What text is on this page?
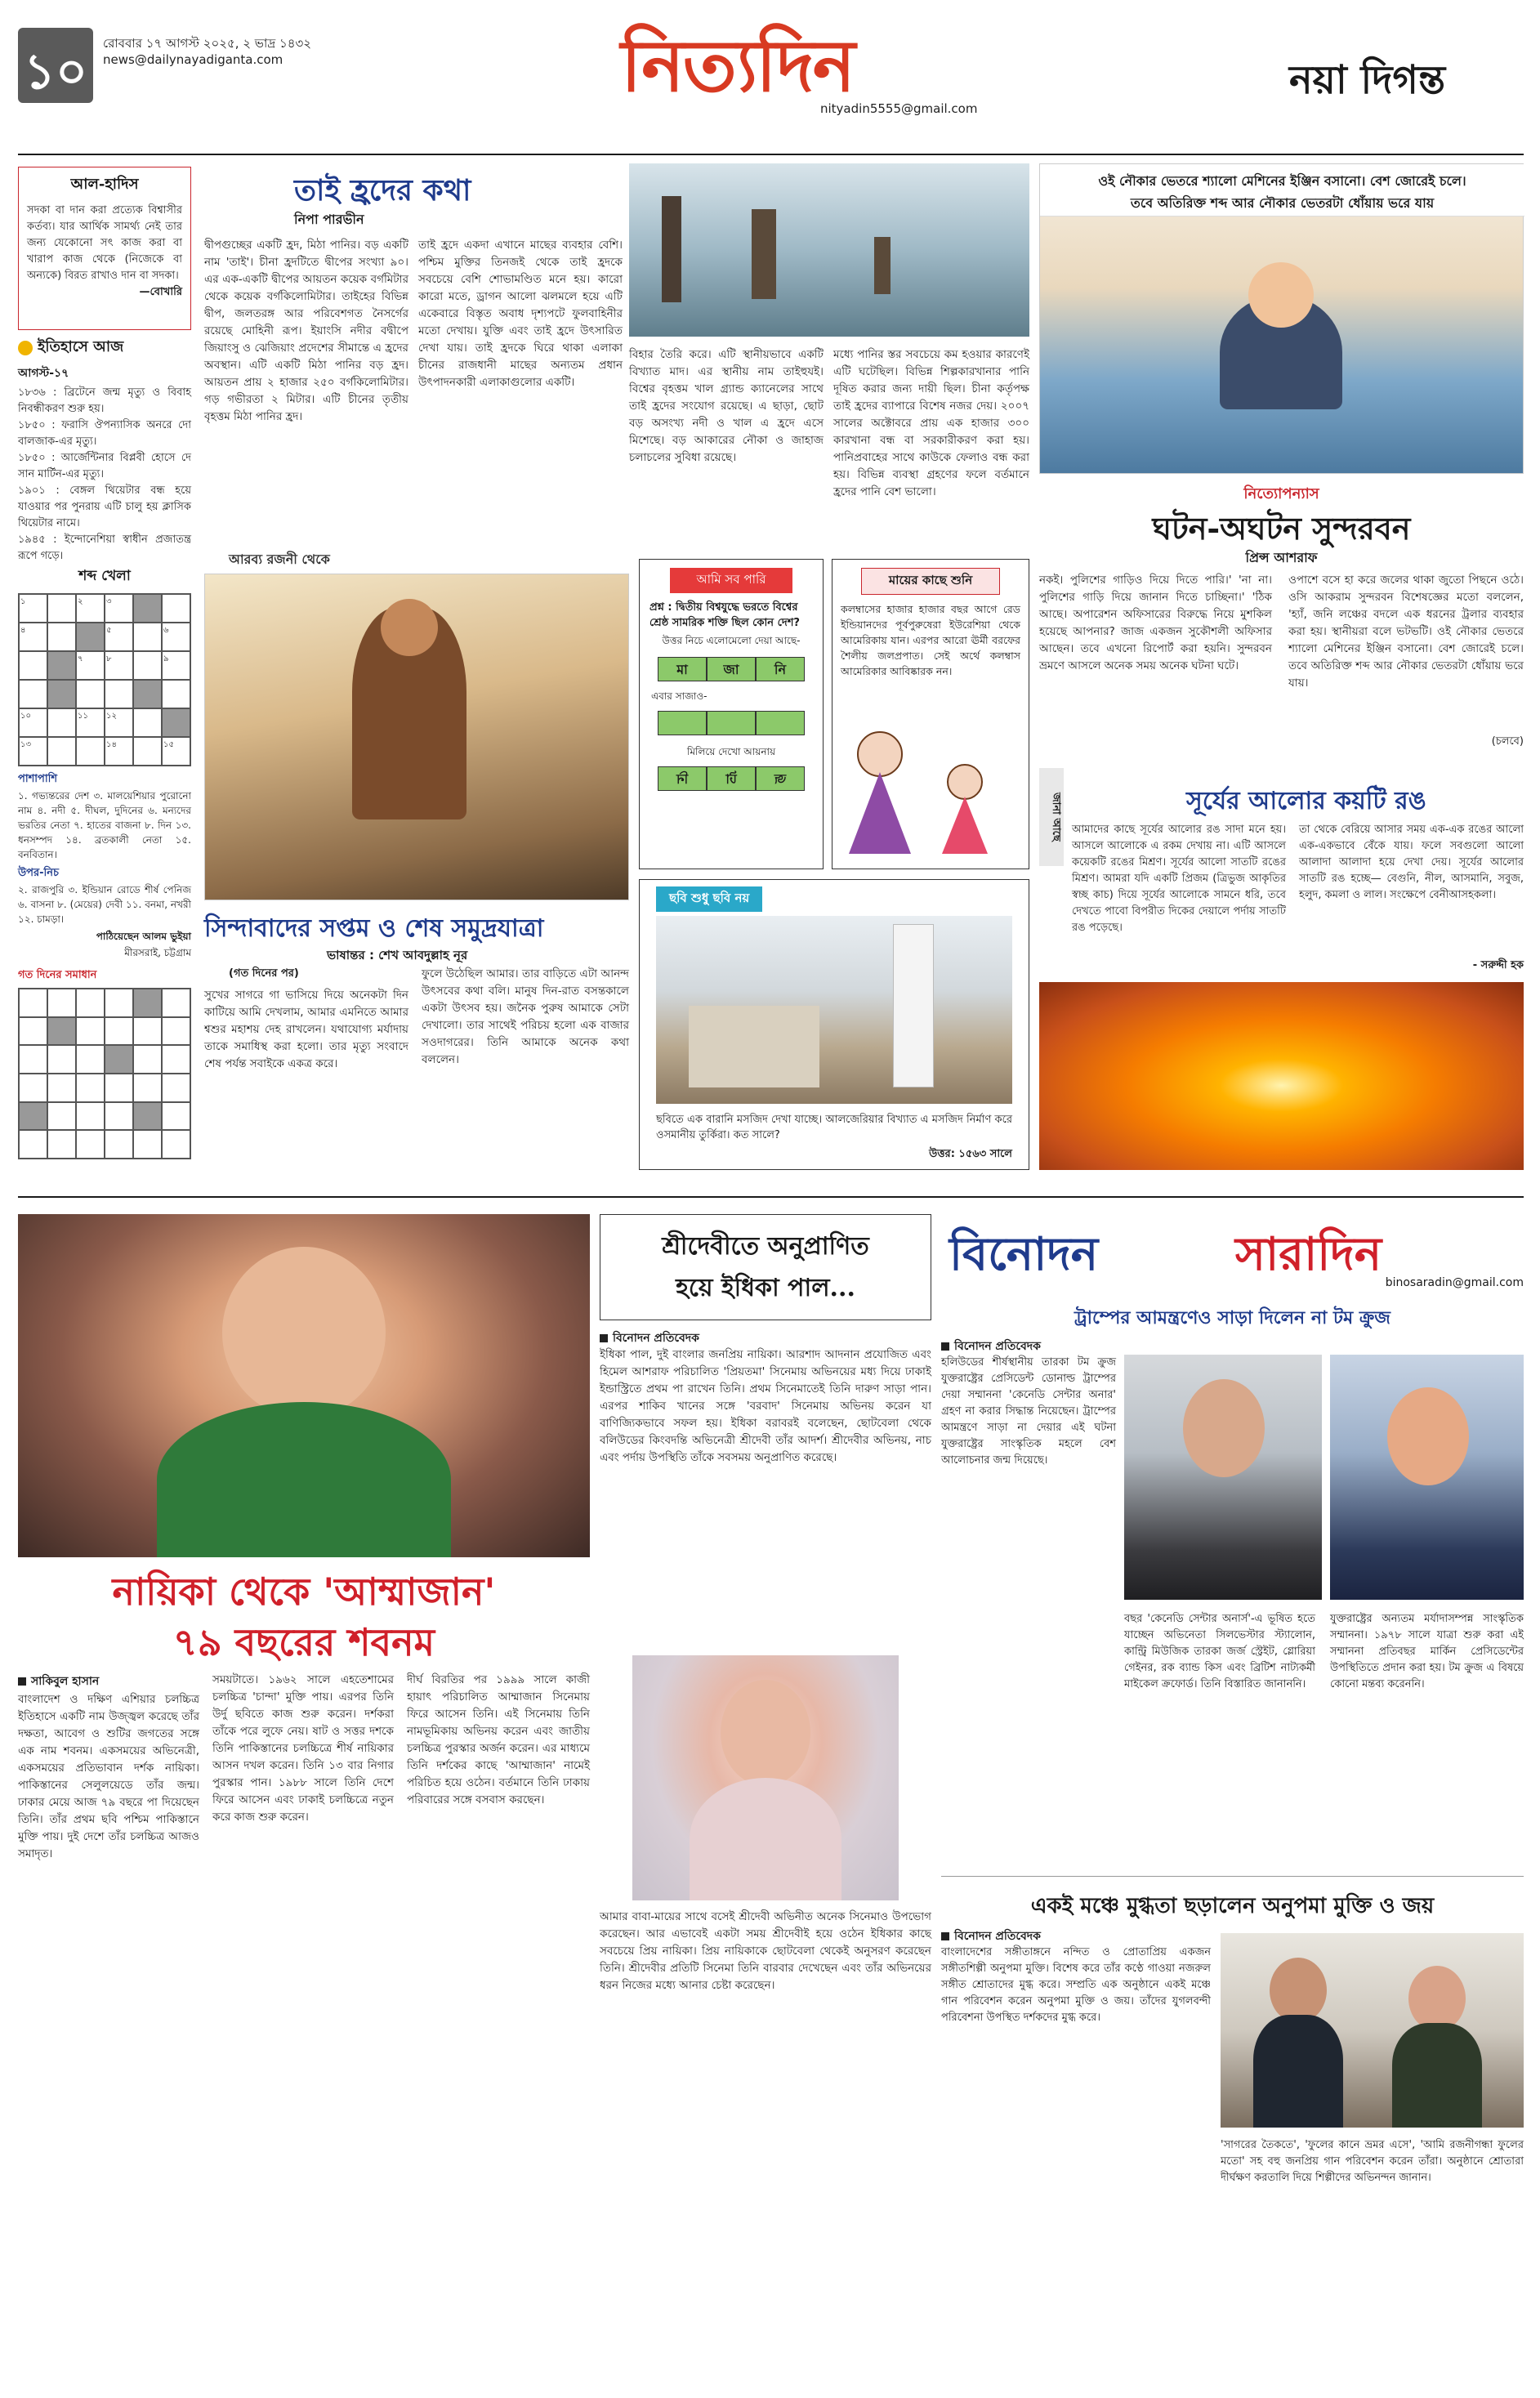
১০	রোববার ১৭ আগস্ট ২০২৫, ২ ভাদ্র ১৪৩২
news@dailynayadiganta.com	নিত্যদিন
nityadin5555@gmail.com
নয়া দিগন্ত
আল-হাদিস
সদকা বা দান করা প্রত্যেক বিশ্বাসীর কর্তব্য। যার আর্থিক সামর্থ্য নেই তার জন্য যেকোনো সৎ কাজ করা বা খারাপ কাজ থেকে (নিজেকে বা অন্যকে) বিরত রাখাও দান বা সদকা।
—বোখারি
ইতিহাসে আজ
আগস্ট-১৭
১৮৩৬ : ব্রিটেনে জন্ম মৃত্যু ও বিবাহ নিবন্ধীকরণ শুরু হয়।
১৮৫০ : ফরাসি ঔপন্যাসিক অনরে দো বালজাক-এর মৃত্যু।
১৮৫০ : আর্জেন্টিনার বিপ্লবী হোসে দে সান মার্টিন-এর মৃত্যু।
১৯০১ : বেঙ্গল থিয়েটার বন্ধ হয়ে যাওয়ার পর পুনরায় এটি চালু হয় ক্লাসিক থিয়েটার নামে।
১৯৪৫ : ইন্দোনেশিয়া স্বাধীন প্রজাতন্ত্র রূপে গড়ে।
শব্দ খেলা
১	২	৩
৪	৫	৬
৭	৮	৯
১০	১১	১২
১৩	১৪	১৫
পাশাপাশি
১. গভ্যন্তরের দেশ ৩. মালয়েশিয়ার পুরোনো নাম ৪. নদী ৫. দীঘল, দুদিনের ৬. মন্যদের ভরতির নেতা ৭. হাতের বাজনা ৮. দিন ১৩. ধনসম্পদ ১৪. ব্রতকালী নেতা ১৫. বনবিতান।
উপর-নিচ
২. রাজপুরি ৩. ইন্ডিয়ান রোডে শীর্ষ পেনিজ ৬. বাসনা ৮. (মেয়ের) দেবী ১১. বনমা, নখরী ১২. চামড়া।
পাঠিয়েছেন আলম ভুইয়া
মীরসরাই, চট্টগ্রাম
গত দিনের সমাধান
তাই হ্রদের কথা
নিপা পারভীন
দ্বীপগুচ্ছের একটি হ্রদ, মিঠা পানির। বড় একটি নাম 'তাই'। চীনা হ্রদটিতে দ্বীপের সংখ্যা ৯০। এর এক-একটি দ্বীপের আয়তন কয়েক বর্গমিটার থেকে কয়েক বর্গকিলোমিটার। তাইহের বিভিন্ন দ্বীপ, জলতরঙ্গ আর পরিবেশগত নৈসর্গের রয়েছে মোহিনী রূপ। ইয়াংসি নদীর বদ্বীপে জিয়াংসু ও ঝেজিয়াং প্রদেশের সীমান্তে এ হ্রদের অবস্থান। এটি একটি মিঠা পানির বড় হ্রদ। আয়তন প্রায় ২ হাজার ২৫০ বর্গকিলোমিটার। গড় গভীরতা ২ মিটার। এটি চীনের তৃতীয় বৃহত্তম মিঠা পানির হ্রদ।
তাই হ্রদে একদা এখানে মাছের ব্যবহার বেশি। পশ্চিম মুক্তির তিনজই থেকে তাই হ্রদকে সবচেয়ে বেশি শোভামণ্ডিত মনে হয়। কারো কারো মতে, ড্রাগন আলো ঝলমলে হয়ে এটি একেবারে বিস্তৃত অবাধ দৃশ্যপটে ফুলবাহিনীর মতো দেখায়। যুক্তি এবং তাই হ্রদে উৎসারিত দেখা যায়। তাই হ্রদকে ঘিরে থাকা এলাকা চীনের রাজধানী মাছের অন্যতম প্রধান উৎপাদনকারী এলাকাগুলোর একটি।
বিহার তৈরি করে। এটি স্থানীয়ভাবে একটি বিখ্যাত মাদ। এর স্থানীয় নাম তাইহুযই। বিশ্বের বৃহত্তম খাল গ্র্যান্ড ক্যানেলের সাথে তাই হ্রদের সংযোগ রয়েছে। এ ছাড়া, ছোট বড় অসংখ্য নদী ও খাল এ হ্রদে এসে মিশেছে। বড় আকারের নৌকা ও জাহাজ চলাচলের সুবিধা রয়েছে।
মধ্যে পানির স্তর সবচেয়ে কম হওয়ার কারণেই এটি ঘটেছিল। বিভিন্ন শিল্পকারখানার পানি দূষিত করার জন্য দায়ী ছিল। চীনা কর্তৃপক্ষ তাই হ্রদের ব্যাপারে বিশেষ নজর দেয়। ২০০৭ সালের অক্টোবরে প্রায় এক হাজার ৩০০ কারখানা বন্ধ বা সরকারীকরণ করা হয়। পানিপ্রবাহের সাথে কাউকে ফেলাও বন্ধ করা হয়। বিভিন্ন ব্যবস্থা গ্রহণের ফলে বর্তমানে হ্রদের পানি বেশ ভালো।
ওই নৌকার ভেতরে শ্যালো মেশিনের ইঞ্জিন বসানো। বেশ জোরেই চলে।
তবে অতিরিক্ত শব্দ আর নৌকার ভেতরটা ধোঁয়ায় ভরে যায়
নিত্যোপন্যাস
ঘটন-অঘটন সুন্দরবন
প্রিন্স আশরাফ
নকই। পুলিশের গাড়িও দিয়ে দিতে পারি।' 'না না। পুলিশের গাড়ি দিয়ে জানান দিতে চাচ্ছিনা।' 'ঠিক আছে। অপারেশন অফিসারের বিরুদ্ধে নিয়ে মুশকিল হয়েছে আপনার? জাজ একজন সুকৌশলী অফিসার আছেন। তবে এখনো রিপোর্ট করা হয়নি। সুন্দরবন ভ্রমণে আসলে অনেক সময় অনেক ঘটনা ঘটে।
ওপাশে বসে হা করে জলের থাকা জুতো পিছনে ওঠে। ওসি আকরাম সুন্দরবন বিশেষজ্ঞের মতো বললেন, 'হ্যাঁ, জনি লঞ্চের বদলে এক ধরনের ট্রলার ব্যবহার করা হয়। স্থানীয়রা বলে ভটভটি। ওই নৌকার ভেতরে শ্যালো মেশিনের ইঞ্জিন বসানো। বেশ জোরেই চলে। তবে অতিরিক্ত শব্দ আর নৌকার ভেতরটা ধোঁয়ায় ভরে যায়।
(চলবে)
আরব্য রজনী থেকে
সিন্দাবাদের সপ্তম ও শেষ সমুদ্রযাত্রা
ভাষান্তর : শেখ আবদুল্লাহ নূর
(গত দিনের পর)
সুখের সাগরে গা ভাসিয়ে দিয়ে অনেকটা দিন কাটিয়ে আমি দেখলাম, আমার এমনিতে আমার শ্বশুর মহাশয় দেহ রাখলেন। যথাযোগ্য মর্যাদায় তাকে সমাধিস্থ করা হলো। তার মৃত্যু সংবাদে শেষ পর্যন্ত সবাইকে একত্র করে।
ফুলে উঠেছিল আমার। তার বাড়িতে এটা আনন্দ উৎসবের কথা বলি। মানুষ দিন-রাত বসন্তকালে একটা উৎসব হয়। জনৈক পুরুষ আমাকে সেটা দেখালো। তার সাথেই পরিচয় হলো এক বাজার সওদাগরের। তিনি আমাকে অনেক কথা বললেন।
আমি সব পারি
প্রশ্ন : দ্বিতীয় বিশ্বযুদ্ধে ভরতে বিশ্বের শ্রেষ্ঠ সামরিক শক্তি ছিল কোন দেশ?
উত্তর নিচে এলোমেলো দেয়া আছে-
মা	জা	নি
এবার সাজাও-
মিলিয়ে দেখো আয়নায়
নি	টা	জ
মায়ের কাছে শুনি
কলম্বাসের হাজার হাজার বছর আগে রেড ইন্ডিয়ানদের পূর্বপুরুষেরা ইউরেশিয়া থেকে আমেরিকায় যান। এরপর আরো ঊর্মী বরফের শৈলীয় জলপ্রপাত। সেই অর্থে কলম্বাস আমেরিকার আবিষ্কারক নন।
ছবি শুধু ছবি নয়
ছবিতে এক বারানি মসজিদ দেখা যাচ্ছে। আলজেরিয়ার বিখ্যাত এ মসজিদ নির্মাণ করে ওসমানীয় তুর্কিরা। কত সালে?
উত্তর: ১৫৬৩ সালে
জানা আছে	সূর্যের আলোর কয়টি রঙ
আমাদের কাছে সূর্যের আলোর রঙ সাদা মনে হয়। আসলে আলোকে এ রকম দেখায় না। এটি আসলে কয়েকটি রঙের মিশ্রণ। সূর্যের আলো সাতটি রঙের মিশ্রণ। আমরা যদি একটি প্রিজম (ত্রিভুজ আকৃতির স্বচ্ছ কাচ) দিয়ে সূর্যের আলোকে সামনে ধরি, তবে দেখতে পাবো বিপরীত দিকের দেয়ালে পর্দায় সাতটি রঙ পড়েছে।
তা থেকে বেরিয়ে আসার সময় এক-এক রঙের আলো এক-একভাবে বেঁকে যায়। ফলে সবগুলো আলো আলাদা আলাদা হয়ে দেখা দেয়। সূর্যের আলোর সাতটি রঙ হচ্ছে— বেগুনি, নীল, আসমানি, সবুজ, হলুদ, কমলা ও লাল। সংক্ষেপে বেনীআসহকলা।
- সরুদ্দী হক
নায়িকা থেকে 'আম্মাজান'
৭৯ বছরের শবনম
সাকিবুল হাসান
বাংলাদেশ ও দক্ষিণ এশিয়ার চলচ্চিত্র ইতিহাসে একটি নাম উজ্জ্বল করেছে তাঁর দক্ষতা, আবেগ ও শুটির জগতের সঙ্গে এক নাম শবনম। একসময়ের অভিনেত্রী, একসময়ের প্রতিভাবান দর্শক নায়িকা। পাকিস্তানের সেলুলয়েডে তাঁর জন্ম। ঢাকার মেয়ে আজ ৭৯ বছরে পা দিয়েছেন তিনি। তাঁর প্রথম ছবি পশ্চিম পাকিস্তানে মুক্তি পায়। দুই দেশে তাঁর চলচ্চিত্র আজও সমাদৃত।
সময়টাতে। ১৯৬২ সালে এহতেশামের চলচ্চিত্র 'চান্দা' মুক্তি পায়। এরপর তিনি উর্দু ছবিতে কাজ শুরু করেন। দর্শকরা তাঁকে পরে লুফে নেয়। ষাট ও সত্তর দশকে তিনি পাকিস্তানের চলচ্চিত্রে শীর্ষ নায়িকার আসন দখল করেন। তিনি ১৩ বার নিগার পুরস্কার পান। ১৯৮৮ সালে তিনি দেশে ফিরে আসেন এবং ঢাকাই চলচ্চিত্রে নতুন করে কাজ শুরু করেন।
দীর্ঘ বিরতির পর ১৯৯৯ সালে কাজী হায়াৎ পরিচালিত আম্মাজান সিনেমায় ফিরে আসেন তিনি। এই সিনেমায় তিনি নামভূমিকায় অভিনয় করেন এবং জাতীয় চলচ্চিত্র পুরস্কার অর্জন করেন। এর মাধ্যমে তিনি দর্শকের কাছে 'আম্মাজান' নামেই পরিচিত হয়ে ওঠেন। বর্তমানে তিনি ঢাকায় পরিবারের সঙ্গে বসবাস করছেন।
শ্রীদেবীতে অনুপ্রাণিত
হয়ে ইধিকা পাল...
বিনোদন প্রতিবেদক
ইধিকা পাল, দুই বাংলার জনপ্রিয় নায়িকা। আরশাদ আদনান প্রযোজিত এবং হিমেল আশরাফ পরিচালিত 'প্রিয়তমা' সিনেমায় অভিনয়ের মধ্য দিয়ে ঢাকাই ইন্ডাস্ট্রিতে প্রথম পা রাখেন তিনি। প্রথম সিনেমাতেই তিনি দারুণ সাড়া পান। এরপর শাকিব খানের সঙ্গে 'বরবাদ' সিনেমায় অভিনয় করেন যা বাণিজ্যিকভাবে সফল হয়। ইধিকা বরাবরই বলেছেন, ছোটবেলা থেকে বলিউডের কিংবদন্তি অভিনেত্রী শ্রীদেবী তাঁর আদর্শ। শ্রীদেবীর অভিনয়, নাচ এবং পর্দায় উপস্থিতি তাঁকে সবসময় অনুপ্রাণিত করেছে।
আমার বাবা-মায়ের সাথে বসেই শ্রীদেবী অভিনীত অনেক সিনেমাও উপভোগ করেছেন। আর এভাবেই একটা সময় শ্রীদেবীই হয়ে ওঠেন ইধিকার কাছে সবচেয়ে প্রিয় নায়িকা। প্রিয় নায়িকাকে ছোটবেলা থেকেই অনুসরণ করেছেন তিনি। শ্রীদেবীর প্রতিটি সিনেমা তিনি বারবার দেখেছেন এবং তাঁর অভিনয়ের ধরন নিজের মধ্যে আনার চেষ্টা করেছেন।
বিনোদন	সারাদিন
binosaradin@gmail.com
ট্রাম্পের আমন্ত্রণেও সাড়া দিলেন না টম ক্রুজ
বিনোদন প্রতিবেদক
হলিউডের শীর্ষস্থানীয় তারকা টম ক্রুজ যুক্তরাষ্ট্রের প্রেসিডেন্ট ডোনাল্ড ট্রাম্পের দেয়া সম্মাননা 'কেনেডি সেন্টার অনার' গ্রহণ না করার সিদ্ধান্ত নিয়েছেন। ট্রাম্পের আমন্ত্রণে সাড়া না দেয়ার এই ঘটনা যুক্তরাষ্ট্রের সাংস্কৃতিক মহলে বেশ আলোচনার জন্ম দিয়েছে।
বছর 'কেনেডি সেন্টার অনার্স'-এ ভূষিত হতে যাচ্ছেন অভিনেতা সিলভেস্টার স্ট্যালোন, কান্ট্রি মিউজিক তারকা জর্জ স্ট্রেইট, গ্লোরিয়া গেইনর, রক ব্যান্ড কিস এবং ব্রিটিশ নাট্যকর্মী মাইকেল ক্রফোর্ড। তিনি বিস্তারিত জানাননি।
যুক্তরাষ্ট্রের অন্যতম মর্যাদাসম্পন্ন সাংস্কৃতিক সম্মাননা। ১৯৭৮ সালে যাত্রা শুরু করা এই সম্মাননা প্রতিবছর মার্কিন প্রেসিডেন্টের উপস্থিতিতে প্রদান করা হয়। টম ক্রুজ এ বিষয়ে কোনো মন্তব্য করেননি।
একই মঞ্চে মুগ্ধতা ছড়ালেন অনুপমা মুক্তি ও জয়
বিনোদন প্রতিবেদক
বাংলাদেশের সঙ্গীতাঙ্গনে নন্দিত ও প্রোতাপ্রিয় একজন সঙ্গীতশিল্পী অনুপমা মুক্তি। বিশেষ করে তাঁর কণ্ঠে গাওয়া নজরুল সঙ্গীত শ্রোতাদের মুগ্ধ করে। সম্প্রতি এক অনুষ্ঠানে একই মঞ্চে গান পরিবেশন করেন অনুপমা মুক্তি ও জয়। তাঁদের যুগলবন্দী পরিবেশনা উপস্থিত দর্শকদের মুগ্ধ করে।
'সাগরের তৈকতে', 'ফুলের কানে ভ্রমর এসে', 'আমি রজনীগন্ধা ফুলের মতো' সহ বহু জনপ্রিয় গান পরিবেশন করেন তাঁরা। অনুষ্ঠানে শ্রোতারা দীর্ঘক্ষণ করতালি দিয়ে শিল্পীদের অভিনন্দন জানান।
